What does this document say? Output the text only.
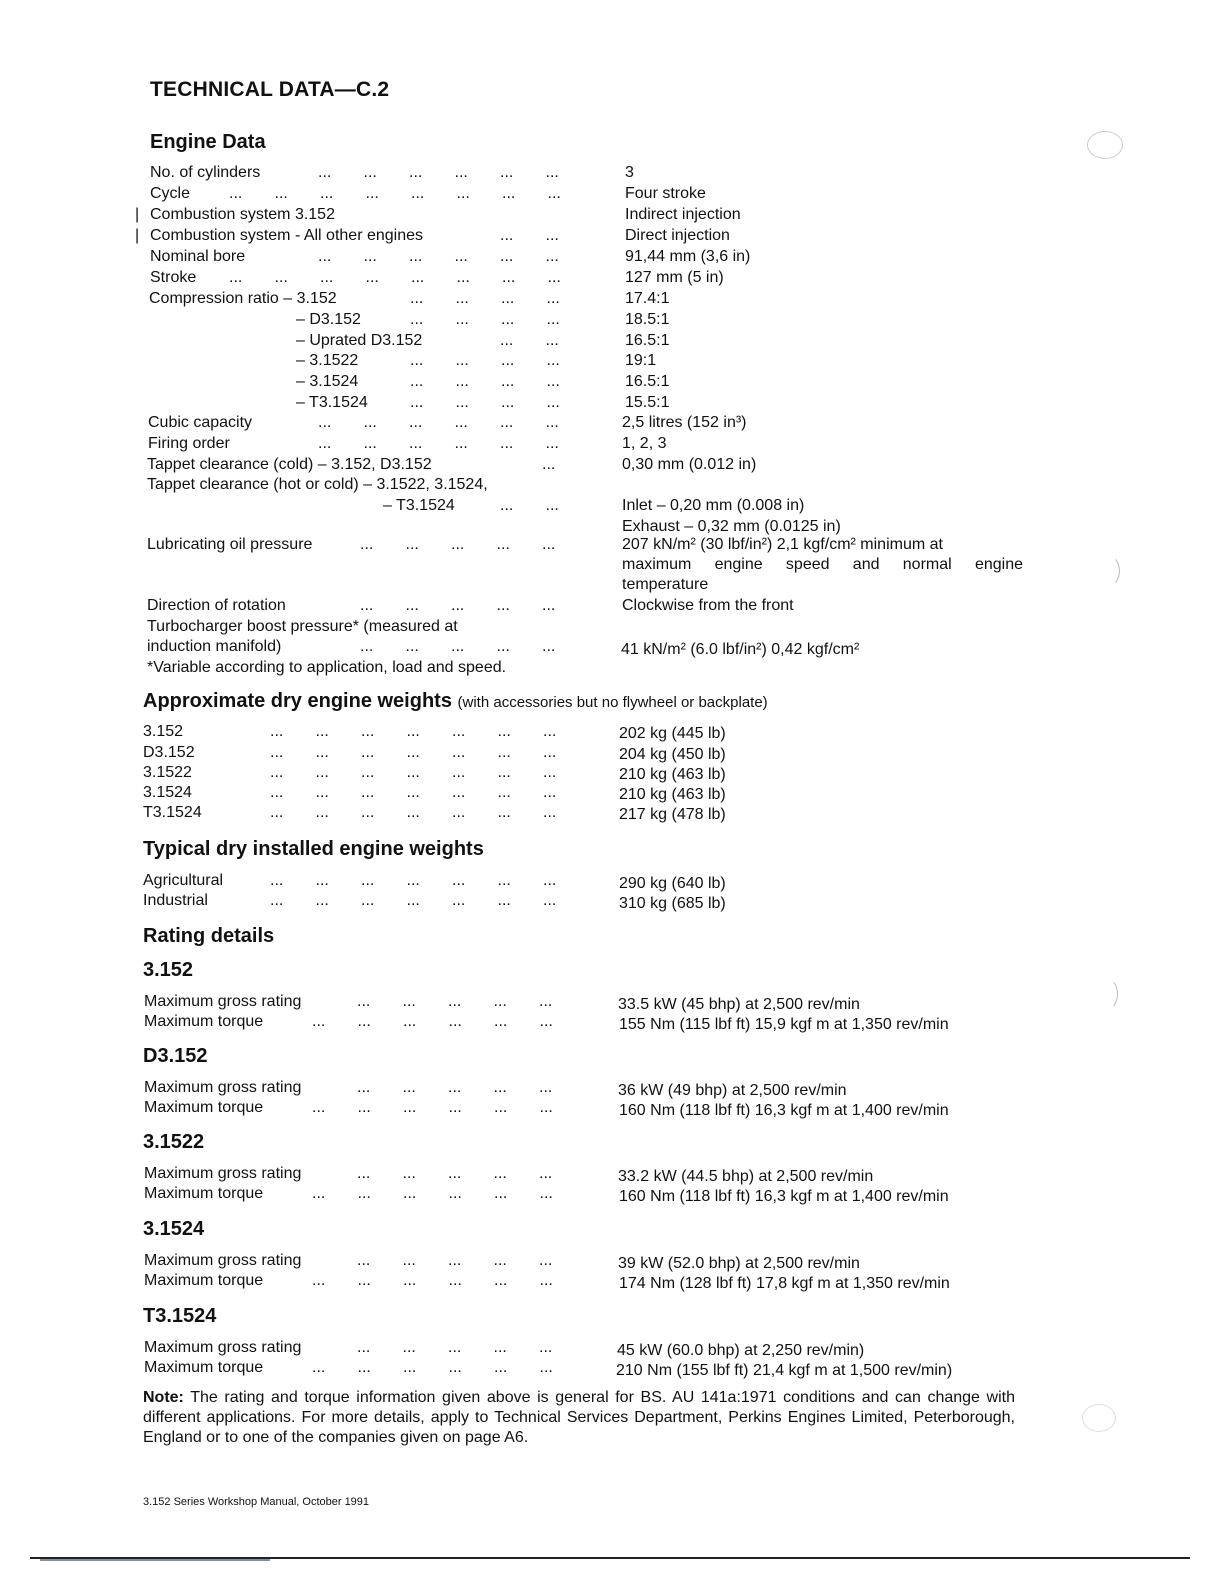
TECHNICAL DATA—C.2
Engine Data
No. of cylinders	... ... ... ... ... ...	3
Cycle ... ... ... ... ... ... ... ...	Four stroke
| Combustion system 3.152	Indirect injection
| Combustion system - All other engines	... ...	Direct injection
Nominal bore	... ... ... ... ... ...	91,44 mm (3,6 in)
Stroke ... ... ... ... ... ... ... ...	127 mm (5 in)
Compression ratio – 3.152	... ... ... ...	17.4:1
– D3.152	... ... ... ...	18.5:1
– Uprated D3.152	... ...	16.5:1
– 3.1522	... ... ... ...	19:1
– 3.1524	... ... ... ...	16.5:1
– T3.1524	... ... ... ...	15.5:1
Cubic capacity	... ... ... ... ... ...	2,5 litres (152 in³)
Firing order	... ... ... ... ... ...	1, 2, 3
Tappet clearance (cold) – 3.152, D3.152	...	0,30 mm (0.012 in)
Tappet clearance (hot or cold) – 3.1522, 3.1524,
– T3.1524	... ...	Inlet – 0,20 mm (0.008 in)
Exhaust – 0,32 mm (0.0125 in)
Lubricating oil pressure	... ... ... ... ...	207 kN/m² (30 lbf/in²) 2,1 kgf/cm² minimum at
maximum engine speed and normal engine
temperature
Direction of rotation	... ... ... ... ...	Clockwise from the front
Turbocharger boost pressure* (measured at
induction manifold)	... ... ... ... ...	41 kN/m² (6.0 lbf/in²) 0,42 kgf/cm²
*Variable according to application, load and speed.
Approximate dry engine weights (with accessories but no flywheel or backplate)
3.152	... ... ... ... ... ... ...	202 kg (445 lb)
D3.152	... ... ... ... ... ... ...	204 kg (450 lb)
3.1522	... ... ... ... ... ... ...	210 kg (463 lb)
3.1524	... ... ... ... ... ... ...	210 kg (463 lb)
T3.1524	... ... ... ... ... ... ...	217 kg (478 lb)
Typical dry installed engine weights
Agricultural	... ... ... ... ... ... ...	290 kg (640 lb)
Industrial	... ... ... ... ... ... ...	310 kg (685 lb)
Rating details
3.152
Maximum gross rating	... ... ... ... ...	33.5 kW (45 bhp) at 2,500 rev/min
Maximum torque	... ... ... ... ... ...	155 Nm (115 lbf ft) 15,9 kgf m at 1,350 rev/min
D3.152
Maximum gross rating	... ... ... ... ...	36 kW (49 bhp) at 2,500 rev/min
Maximum torque	... ... ... ... ... ...	160 Nm (118 lbf ft) 16,3 kgf m at 1,400 rev/min
3.1522
Maximum gross rating	... ... ... ... ...	33.2 kW (44.5 bhp) at 2,500 rev/min
Maximum torque	... ... ... ... ... ...	160 Nm (118 lbf ft) 16,3 kgf m at 1,400 rev/min
3.1524
Maximum gross rating	... ... ... ... ...	39 kW (52.0 bhp) at 2,500 rev/min
Maximum torque	... ... ... ... ... ...	174 Nm (128 lbf ft) 17,8 kgf m at 1,350 rev/min
T3.1524
Maximum gross rating	... ... ... ... ...	45 kW (60.0 bhp) at 2,250 rev/min)
Maximum torque	... ... ... ... ... ...	210 Nm (155 lbf ft) 21,4 kgf m at 1,500 rev/min)
Note: The rating and torque information given above is general for BS. AU 141a:1971 conditions and can change with different applications. For more details, apply to Technical Services Department, Perkins Engines Limited, Peterborough, England or to one of the companies given on page A6.
3.152 Series Workshop Manual, October 1991
